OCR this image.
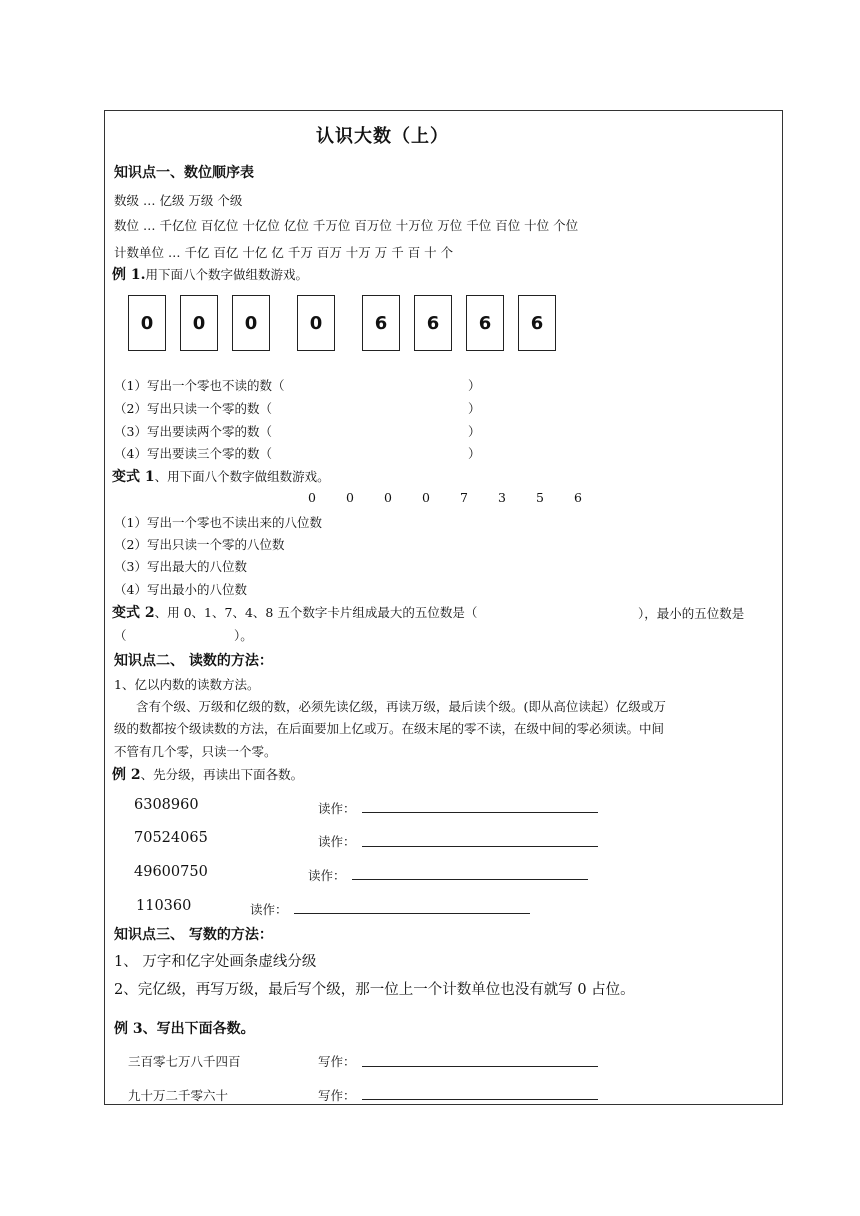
认识大数（上）
知识点一、数位顺序表
数级 … 亿级 万级 个级
数位 … 千亿位 百亿位 十亿位 亿位 千万位 百万位 十万位 万位 千位 百位 十位 个位
计数单位 … 千亿 百亿 十亿 亿 千万 百万 十万 万 千 百 十 个
例 1.用下面八个数字做组数游戏。
0	0	0	0	6	6	6	6
（1）写出一个零也不读的数（	）
（2）写出只读一个零的数（	）
（3）写出要读两个零的数（	）
（4）写出要读三个零的数（	）
变式 1、用下面八个数字做组数游戏。
0 0 0 0 7 3 5 6
（1）写出一个零也不读出来的八位数
（2）写出只读一个零的八位数
（3）写出最大的八位数
（4）写出最小的八位数
变式 2、用 0、1、7、4、8 五个数字卡片组成最大的五位数是（	），最小的五位数是
（	）。
知识点二、 读数的方法：
1、亿以内数的读数方法。
含有个级、万级和亿级的数，必须先读亿级，再读万级，最后读个级。(即从高位读起）亿级或万
级的数都按个级读数的方法，在后面要加上亿或万。在级末尾的零不读，在级中间的零必须读。中间
不管有几个零，只读一个零。
例 2、先分级，再读出下面各数。
6308960	读作：
70524065	读作：
49600750	读作：
110360	读作：
知识点三、 写数的方法：
1、 万字和亿字处画条虚线分级
2、完亿级，再写万级，最后写个级，那一位上一个计数单位也没有就写 0 占位。
例 3、写出下面各数。
三百零七万八千四百	写作：
九十万二千零六十	写作：
